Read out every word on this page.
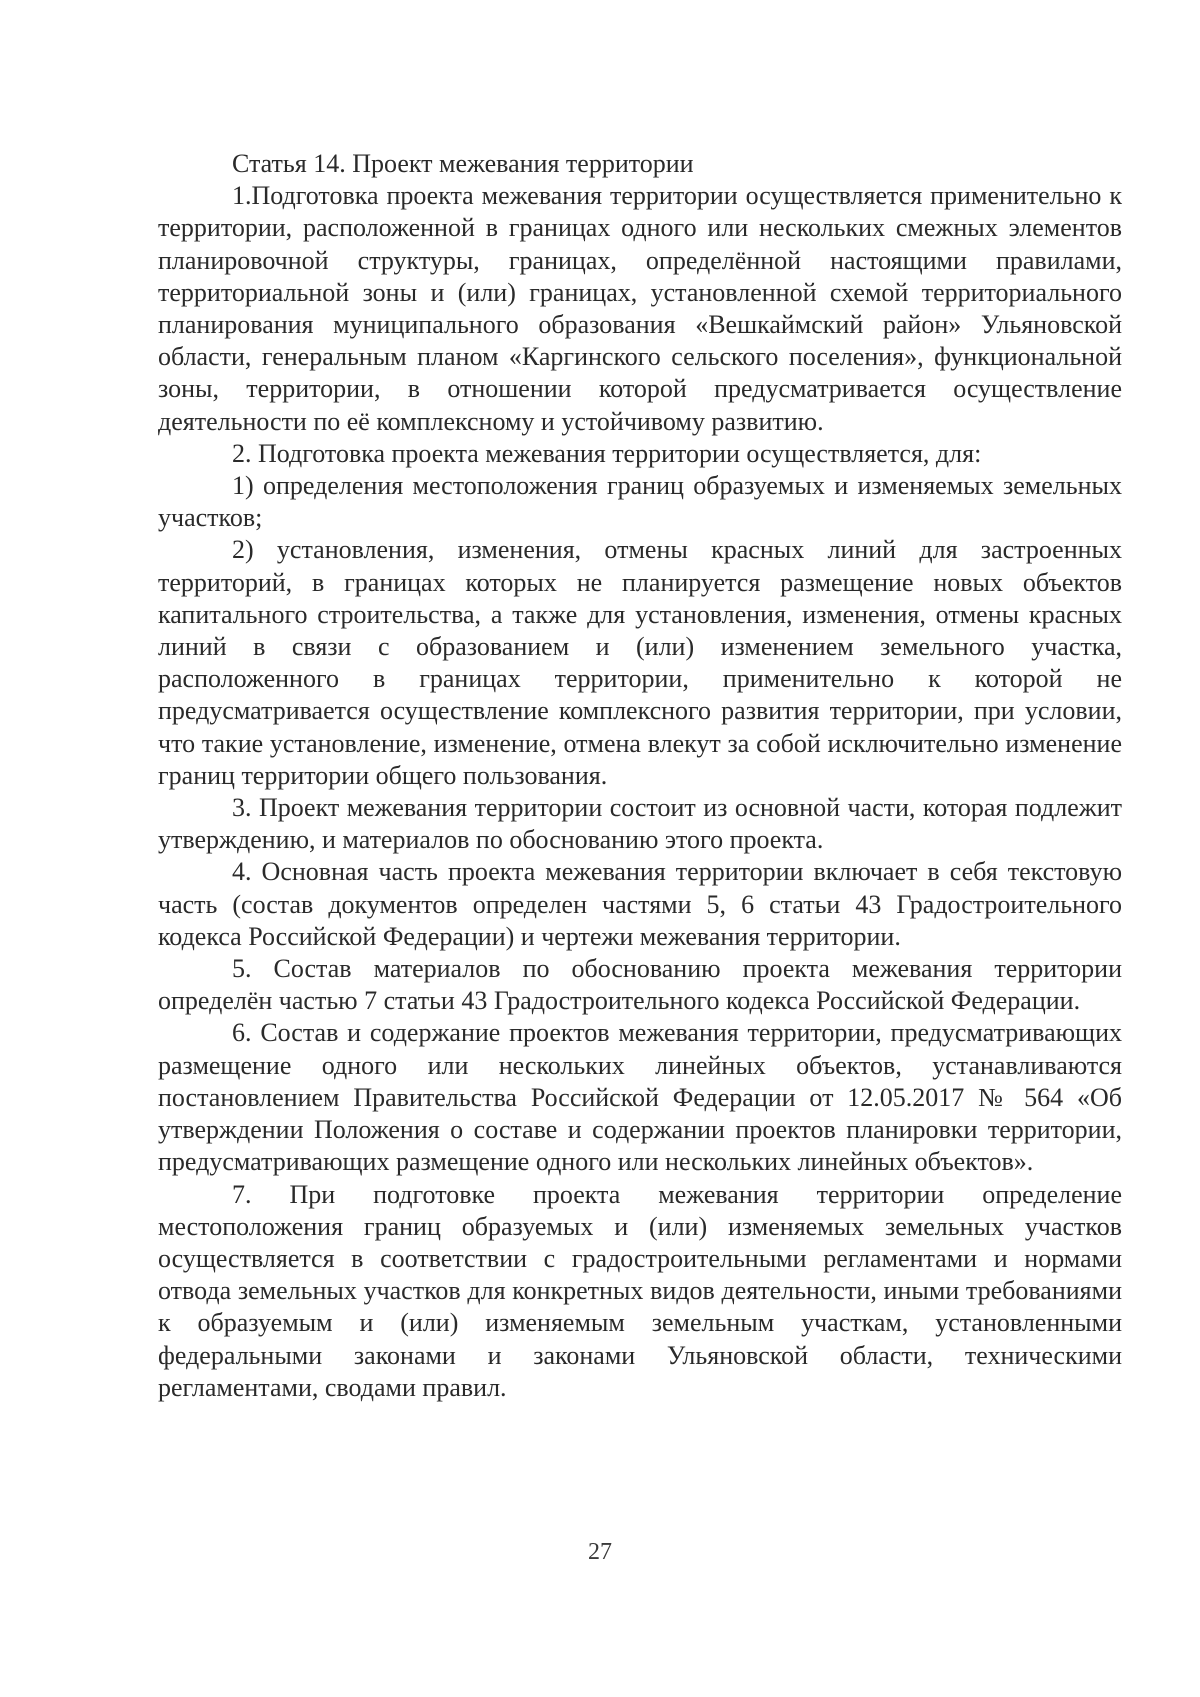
Статья 14. Проект межевания территории

1.Подготовка проекта межевания территории осуществляется применительно к территории, расположенной в границах одного или нескольких смежных элементов планировочной структуры, границах, определённой настоящими правилами, территориальной зоны и (или) границах, установленной схемой территориального планирования муниципального образования «Вешкаймский район» Ульяновской области, генеральным планом «Каргинского сельского поселения», функциональной зоны, территории, в отношении которой предусматривается осуществление деятельности по её комплексному и устойчивому развитию.

2. Подготовка проекта межевания территории осуществляется, для:

1) определения местоположения границ образуемых и изменяемых земельных участков;

2) установления, изменения, отмены красных линий для застроенных территорий, в границах которых не планируется размещение новых объектов капитального строительства, а также для установления, изменения, отмены красных линий в связи с образованием и (или) изменением земельного участка, расположенного в границах территории, применительно к которой не предусматривается осуществление комплексного развития территории, при условии, что такие установление, изменение, отмена влекут за собой исключительно изменение границ территории общего пользования.

3. Проект межевания территории состоит из основной части, которая подлежит утверждению, и материалов по обоснованию этого проекта.

4. Основная часть проекта межевания территории включает в себя текстовую часть (состав документов определен частями 5, 6 статьи 43 Градостроительного кодекса Российской Федерации) и чертежи межевания территории.

5. Состав материалов по обоснованию проекта межевания территории определён частью 7 статьи 43 Градостроительного кодекса Российской Федерации.

6. Состав и содержание проектов межевания территории, предусматривающих размещение одного или нескольких линейных объектов, устанавливаются постановлением Правительства Российской Федерации от 12.05.2017 № 564 «Об утверждении Положения о составе и содержании проектов планировки территории, предусматривающих размещение одного или нескольких линейных объектов».

7. При подготовке проекта межевания территории определение местоположения границ образуемых и (или) изменяемых земельных участков осуществляется в соответствии с градостроительными регламентами и нормами отвода земельных участков для конкретных видов деятельности, иными требованиями к образуемым и (или) изменяемым земельным участкам, установленными федеральными законами и законами Ульяновской области, техническими регламентами, сводами правил.

27
